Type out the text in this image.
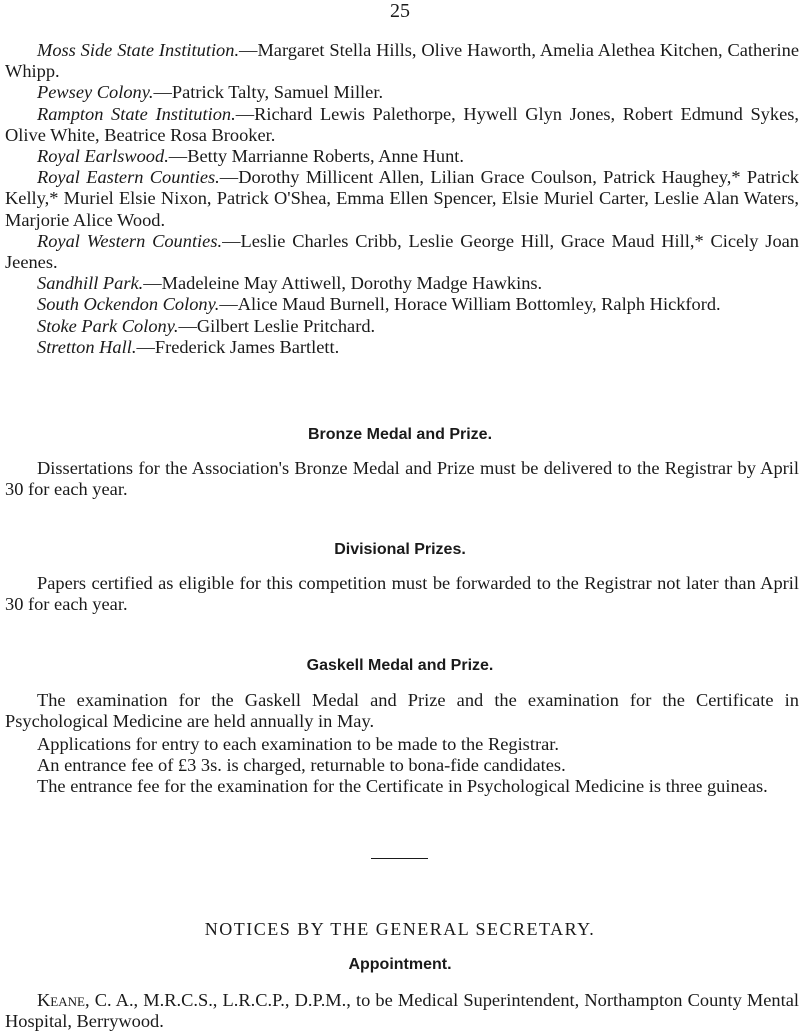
25

Moss Side State Institution.—Margaret Stella Hills, Olive Haworth, Amelia Alethea Kitchen, Catherine Whipp.

Pewsey Colony.—Patrick Talty, Samuel Miller.

Rampton State Institution.—Richard Lewis Palethorpe, Hywell Glyn Jones, Robert Edmund Sykes, Olive White, Beatrice Rosa Brooker.

Royal Earlswood.—Betty Marrianne Roberts, Anne Hunt.

Royal Eastern Counties.—Dorothy Millicent Allen, Lilian Grace Coulson, Patrick Haughey,* Patrick Kelly,* Muriel Elsie Nixon, Patrick O'Shea, Emma Ellen Spencer, Elsie Muriel Carter, Leslie Alan Waters, Marjorie Alice Wood.

Royal Western Counties.—Leslie Charles Cribb, Leslie George Hill, Grace Maud Hill,* Cicely Joan Jeenes.

Sandhill Park.—Madeleine May Attiwell, Dorothy Madge Hawkins.

South Ockendon Colony.—Alice Maud Burnell, Horace William Bottomley, Ralph Hickford.

Stoke Park Colony.—Gilbert Leslie Pritchard.

Stretton Hall.—Frederick James Bartlett.

Bronze Medal and Prize.

Dissertations for the Association's Bronze Medal and Prize must be delivered to the Registrar by April 30 for each year.

Divisional Prizes.

Papers certified as eligible for this competition must be forwarded to the Registrar not later than April 30 for each year.

Gaskell Medal and Prize.

The examination for the Gaskell Medal and Prize and the examination for the Certificate in Psychological Medicine are held annually in May.

Applications for entry to each examination to be made to the Registrar.

An entrance fee of £3 3s. is charged, returnable to bona-fide candidates.

The entrance fee for the examination for the Certificate in Psychological Medicine is three guineas.

NOTICES BY THE GENERAL SECRETARY.
Appointment.

Keane, C. A., M.R.C.S., L.R.C.P., D.P.M., to be Medical Superintendent, Northampton County Mental Hospital, Berrywood.
